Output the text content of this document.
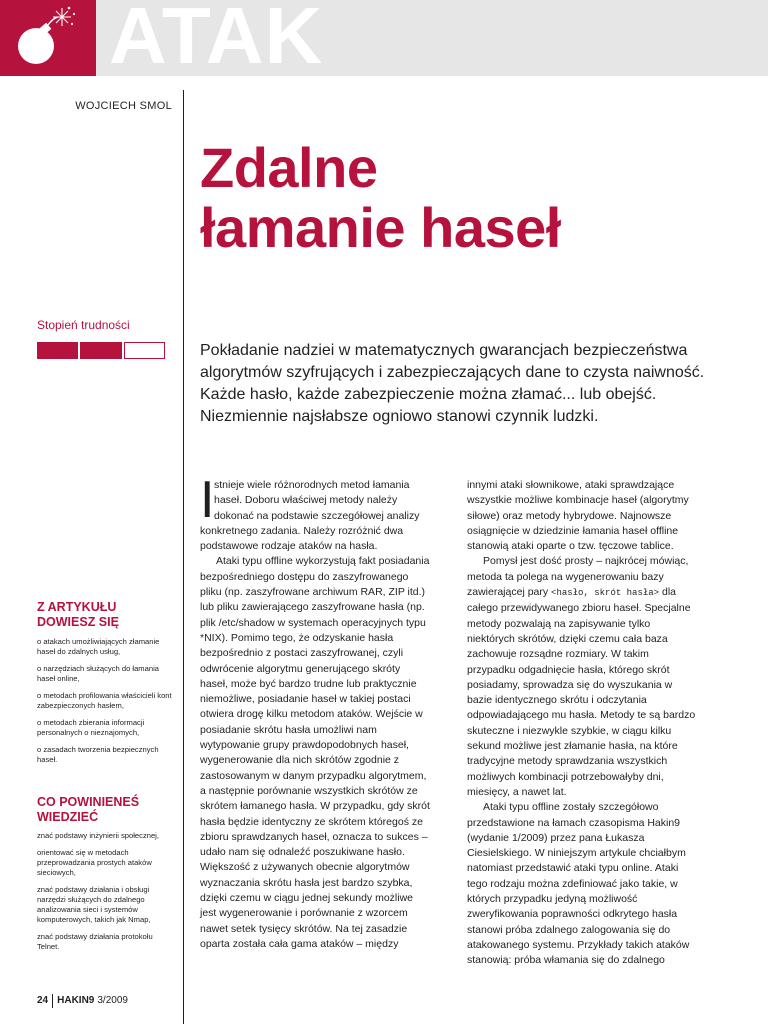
ATAK
WOJCIECH SMOL
Zdalne
łamanie haseł
Stopień trudności

Pokładanie nadziei w matematycznych gwarancjach bezpieczeństwa algorytmów szyfrujących i zabezpieczających dane to czysta naiwność. Każde hasło, każde zabezpieczenie można złamać... lub obejść. Niezmiennie najsłabsze ogniowo stanowi czynnik ludzki.

Z ARTYKUŁU DOWIESZ SIĘ
o atakach umożliwiających złamanie haseł do zdalnych usług,
o narzędziach służących do łamania haseł online,
o metodach profilowania właścicieli kont zabezpieczonych hasłem,
o metodach zbierania informacji personalnych o nieznajomych,
o zasadach tworzenia bezpiecznych haseł.
CO POWINIENEŚ WIEDZIEĆ
znać podstawy inżynierii społecznej,
orientować się w metodach przeprowadzania prostych ataków sieciowych,
znać podstawy działania i obsługi narzędzi służących do zdalnego analizowania sieci i systemów komputerowych, takich jak Nmap,
znać podstawy działania protokołu Telnet.

Istnieje wiele różnorodnych metod łamania haseł. Doboru właściwej metody należy dokonać na podstawie szczegółowej analizy konkretnego zadania. Należy rozróżnić dwa podstawowe rodzaje ataków na hasła.

Ataki typu offline wykorzystują fakt posiadania bezpośredniego dostępu do zaszyfrowanego pliku (np. zaszyfrowane archiwum RAR, ZIP itd.) lub pliku zawierającego zaszyfrowane hasła (np. plik /etc/shadow w systemach operacyjnych typu *NIX). Pomimo tego, że odzyskanie hasła bezpośrednio z postaci zaszyfrowanej, czyli odwrócenie algorytmu generującego skróty haseł, może być bardzo trudne lub praktycznie niemożliwe, posiadanie haseł w takiej postaci otwiera drogę kilku metodom ataków. Wejście w posiadanie skrótu hasła umożliwi nam wytypowanie grupy prawdopodobnych haseł, wygenerowanie dla nich skrótów zgodnie z zastosowanym w danym przypadku algorytmem, a następnie porównanie wszystkich skrótów ze skrótem łamanego hasła. W przypadku, gdy skrót hasła będzie identyczny ze skrótem któregoś ze zbioru sprawdzanych haseł, oznacza to sukces – udało nam się odnaleźć poszukiwane hasło. Większość z używanych obecnie algorytmów wyznaczania skrótu hasła jest bardzo szybka, dzięki czemu w ciągu jednej sekundy możliwe jest wygenerowanie i porównanie z wzorcem nawet setek tysięcy skrótów. Na tej zasadzie oparta została cała gama ataków – między

innymi ataki słownikowe, ataki sprawdzające wszystkie możliwe kombinacje haseł (algorytmy siłowe) oraz metody hybrydowe. Najnowsze osiągnięcie w dziedzinie łamania haseł offline stanowią ataki oparte o tzw. tęczowe tablice.

Pomysł jest dość prosty – najkrócej mówiąc, metoda ta polega na wygenerowaniu bazy zawierającej pary <hasło, skrót hasła> dla całego przewidywanego zbioru haseł. Specjalne metody pozwalają na zapisywanie tylko niektórych skrótów, dzięki czemu cała baza zachowuje rozsądne rozmiary. W takim przypadku odgadnięcie hasła, którego skrót posiadamy, sprowadza się do wyszukania w bazie identycznego skrótu i odczytania odpowiadającego mu hasła. Metody te są bardzo skuteczne i niezwykle szybkie, w ciągu kilku sekund możliwe jest złamanie hasła, na które tradycyjne metody sprawdzania wszystkich możliwych kombinacji potrzebowałyby dni, miesięcy, a nawet lat.

Ataki typu offline zostały szczegółowo przedstawione na łamach czasopisma Hakin9 (wydanie 1/2009) przez pana Łukasza Ciesielskiego. W niniejszym artykule chciałbym natomiast przedstawić ataki typu online. Ataki tego rodzaju można zdefiniować jako takie, w których przypadku jedyną możliwość zweryfikowania poprawności odkrytego hasła stanowi próba zdalnego zalogowania się do atakowanego systemu. Przykłady takich ataków stanowią: próba włamania się do zdalnego

24 HAKIN9 3/2009
